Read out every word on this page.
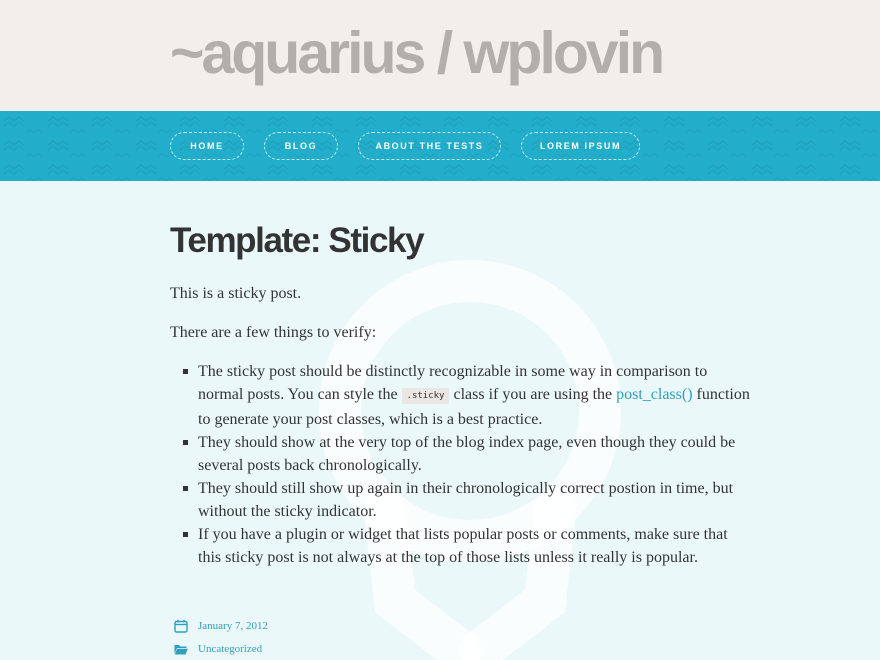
~aquarius / wplovin
HOME	BLOG	ABOUT THE TESTS	LOREM IPSUM
Template: Sticky

This is a sticky post.

There are a few things to verify:

The sticky post should be distinctly recognizable in some way in comparison to normal posts. You can style the .sticky class if you are using the post_class() function to generate your post classes, which is a best practice.
They should show at the very top of the blog index page, even though they could be several posts back chronologically.
They should still show up again in their chronologically correct postion in time, but without the sticky indicator.
If you have a plugin or widget that lists popular posts or comments, make sure that this sticky post is not always at the top of those lists unless it really is popular.
January 7, 2012
Uncategorized
